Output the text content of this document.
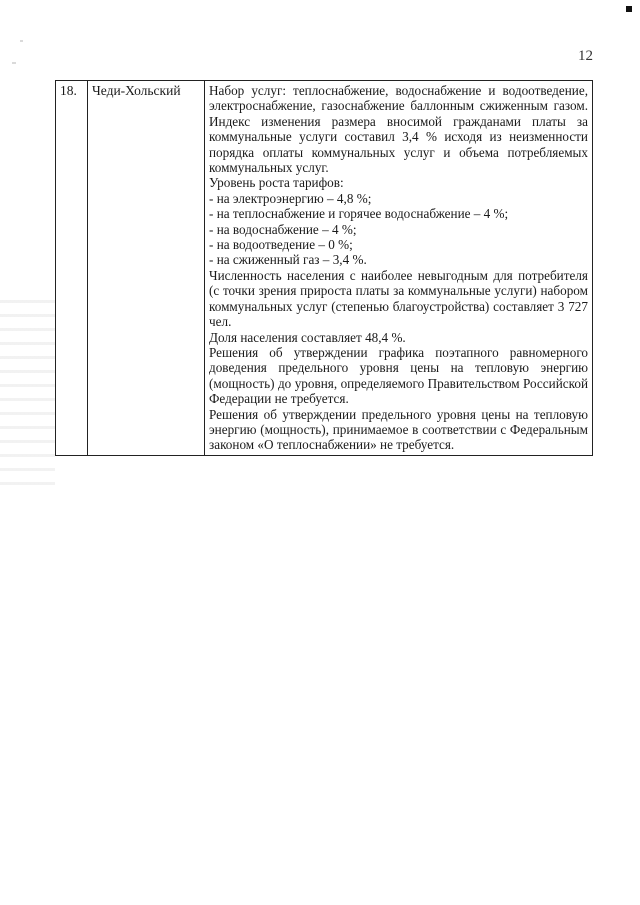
12
18.	Чеди-Хольский	Набор услуг: теплоснабжение, водоснабжение и водоотведение, электроснабжение, газоснабжение баллонным сжиженным газом. Индекс изменения размера вносимой гражданами платы за коммунальные услуги составил 3,4 % исходя из неизменности порядка оплаты коммунальных услуг и объема потребляемых коммунальных услуг.
Уровень роста тарифов:
- на электроэнергию – 4,8 %;
- на теплоснабжение и горячее водоснабжение – 4 %;
- на водоснабжение – 4 %;
- на водоотведение – 0 %;
- на сжиженный газ – 3,4 %.
Численность населения с наиболее невыгодным для потребителя (с точки зрения прироста платы за коммунальные услуги) набором коммунальных услуг (степенью благоустройства) составляет 3 727 чел.
Доля населения составляет 48,4 %.
Решения об утверждении графика поэтапного равномерного доведения предельного уровня цены на тепловую энергию (мощность) до уровня, определяемого Правительством Российской Федерации не требуется.
Решения об утверждении предельного уровня цены на тепловую энергию (мощность), принимаемое в соответствии с Федеральным законом «О теплоснабжении» не требуется.
